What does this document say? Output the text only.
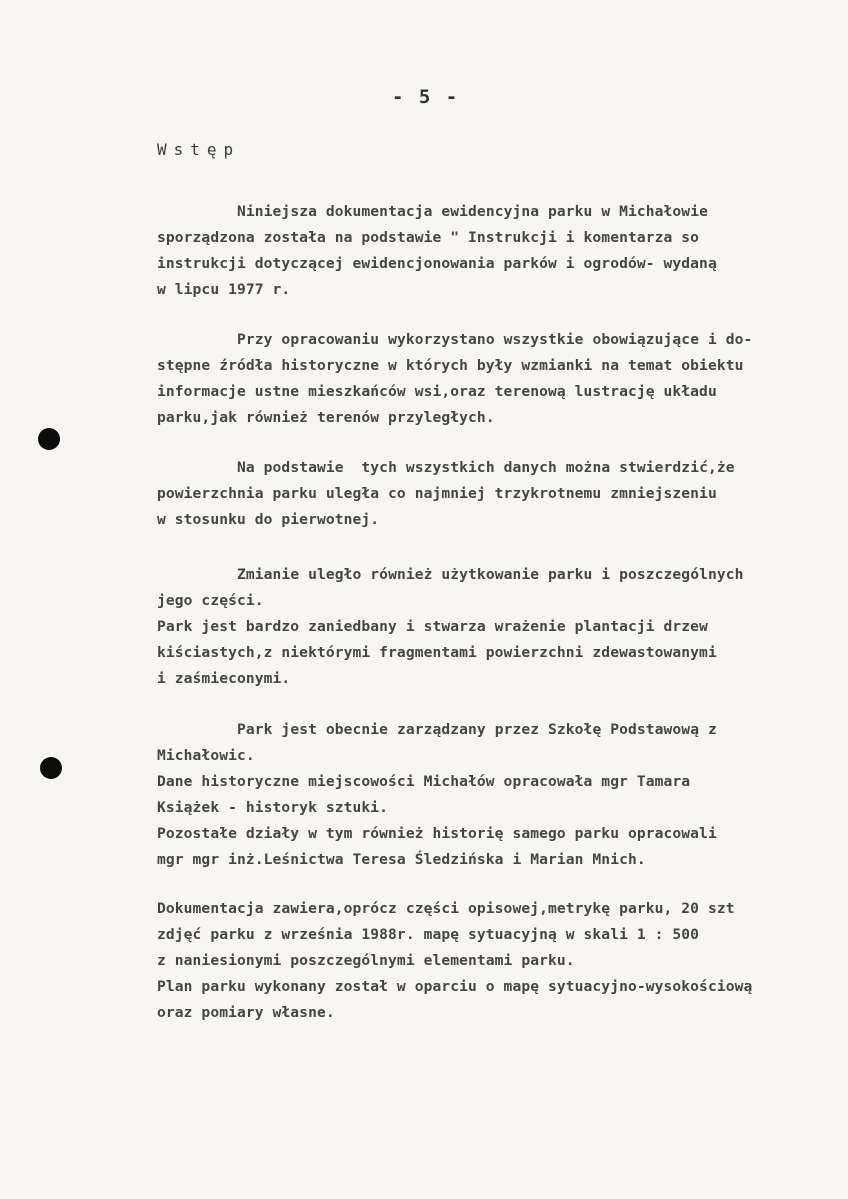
- 5 -
Wstęp
Niniejsza dokumentacja ewidencyjna parku w Michałowie
sporządzona została na podstawie " Instrukcji i komentarza so
instrukcji dotyczącej ewidencjonowania parków i ogrodów- wydaną
w lipcu 1977 r.
Przy opracowaniu wykorzystano wszystkie obowiązujące i do-
stępne źródła historyczne w których były wzmianki na temat obiektu
informacje ustne mieszkańców wsi,oraz terenową lustrację układu
parku,jak również terenów przyległych.
Na podstawie  tych wszystkich danych można stwierdzić,że
powierzchnia parku uległa co najmniej trzykrotnemu zmniejszeniu
w stosunku do pierwotnej.
Zmianie uległo również użytkowanie parku i poszczególnych
jego części.
Park jest bardzo zaniedbany i stwarza wrażenie plantacji drzew
kiściastych,z niektórymi fragmentami powierzchni zdewastowanymi
i zaśmieconymi.
Park jest obecnie zarządzany przez Szkołę Podstawową z
Michałowic.
Dane historyczne miejscowości Michałów opracowała mgr Tamara
Książek - historyk sztuki.
Pozostałe działy w tym również historię samego parku opracowali
mgr mgr inż.Leśnictwa Teresa Śledzińska i Marian Mnich.
Dokumentacja zawiera,oprócz części opisowej,metrykę parku, 20 szt
zdjęć parku z września 1988r. mapę sytuacyjną w skali 1 : 500
z naniesionymi poszczególnymi elementami parku.
Plan parku wykonany został w oparciu o mapę sytuacyjno-wysokościową
oraz pomiary własne.
